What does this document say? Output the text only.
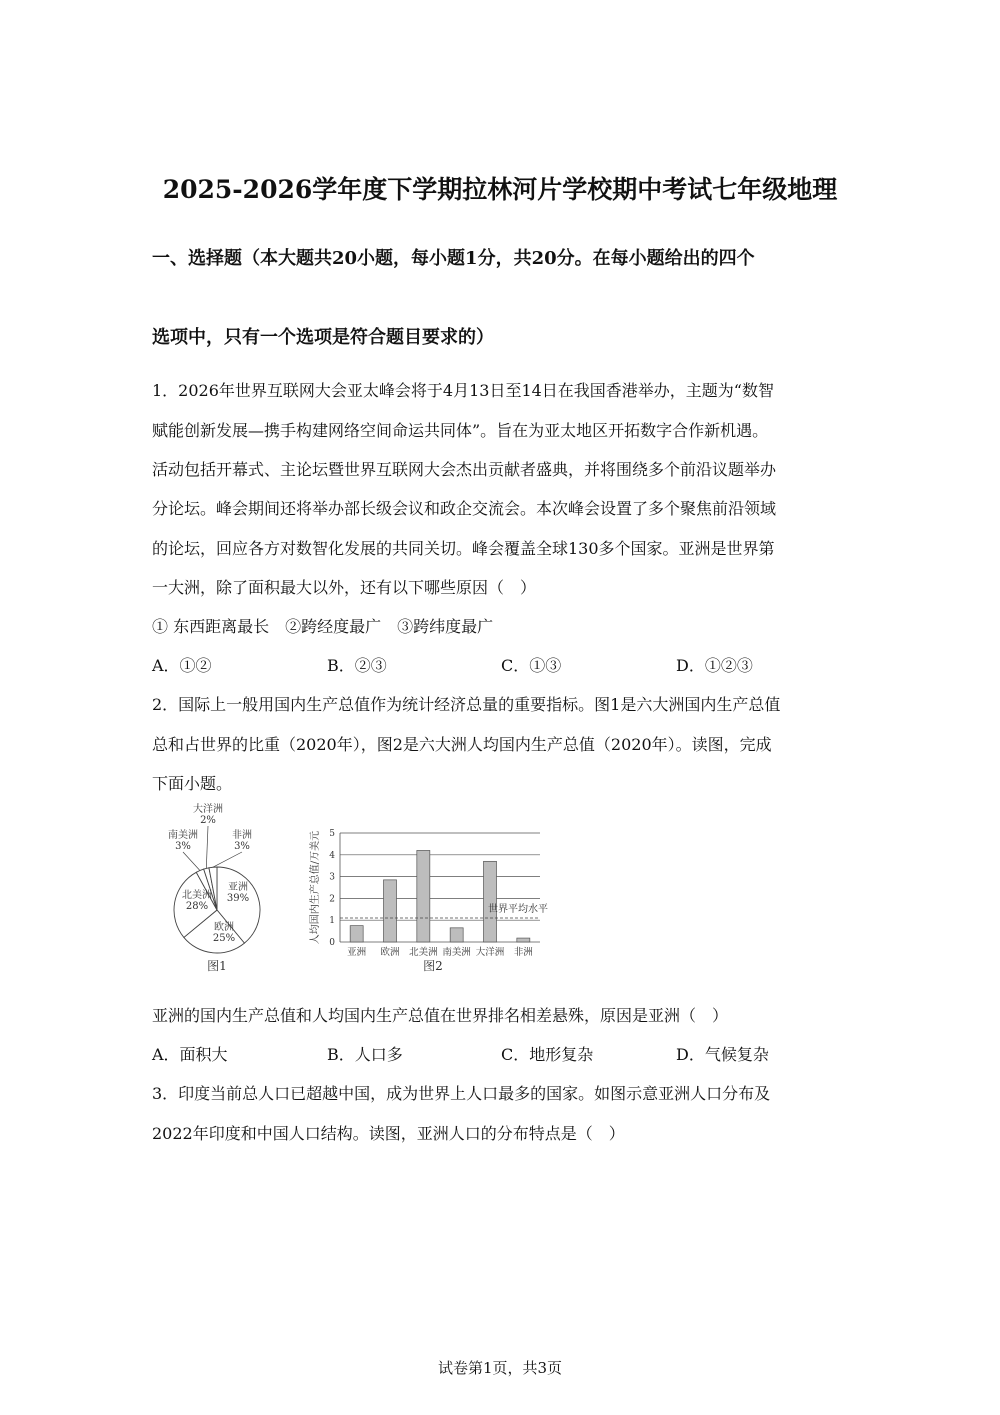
2025-2026学年度下学期拉林河片学校期中考试七年级地理
一、选择题（本大题共20小题，每小题1分，共20分。在每小题给出的四个
选项中，只有一个选项是符合题目要求的）
1．2026年世界互联网大会亚太峰会将于4月13日至14日在我国香港举办，主题为“数智
赋能创新发展—携手构建网络空间命运共同体”。旨在为亚太地区开拓数字合作新机遇。
活动包括开幕式、主论坛暨世界互联网大会杰出贡献者盛典，并将围绕多个前沿议题举办
分论坛。峰会期间还将举办部长级会议和政企交流会。本次峰会设置了多个聚焦前沿领域
的论坛，回应各方对数智化发展的共同关切。峰会覆盖全球130多个国家。亚洲是世界第
一大洲，除了面积最大以外，还有以下哪些原因（　）
① 东西距离最长　②跨经度最广　③跨纬度最广
A．①②	B．②③	C．①③	D．①②③
2．国际上一般用国内生产总值作为统计经济总量的重要指标。图1是六大洲国内生产总值
总和占世界的比重（2020年），图2是六大洲人均国内生产总值（2020年）。读图，完成
下面小题。
亚洲
39%
欧洲
25%
北美洲
28%
南美洲
3%
大洋洲
2%
非洲
3%
图1
0
1
2
3
4
5
人均国内生产总值/万美元
亚洲 欧洲 北美洲 南美洲 大洋洲 非洲
世界平均水平
图2
亚洲的国内生产总值和人均国内生产总值在世界排名相差悬殊，原因是亚洲（　）
A．面积大	B．人口多	C．地形复杂	D．气候复杂
3．印度当前总人口已超越中国，成为世界上人口最多的国家。如图示意亚洲人口分布及
2022年印度和中国人口结构。读图，亚洲人口的分布特点是（　）
试卷第1页，共3页
